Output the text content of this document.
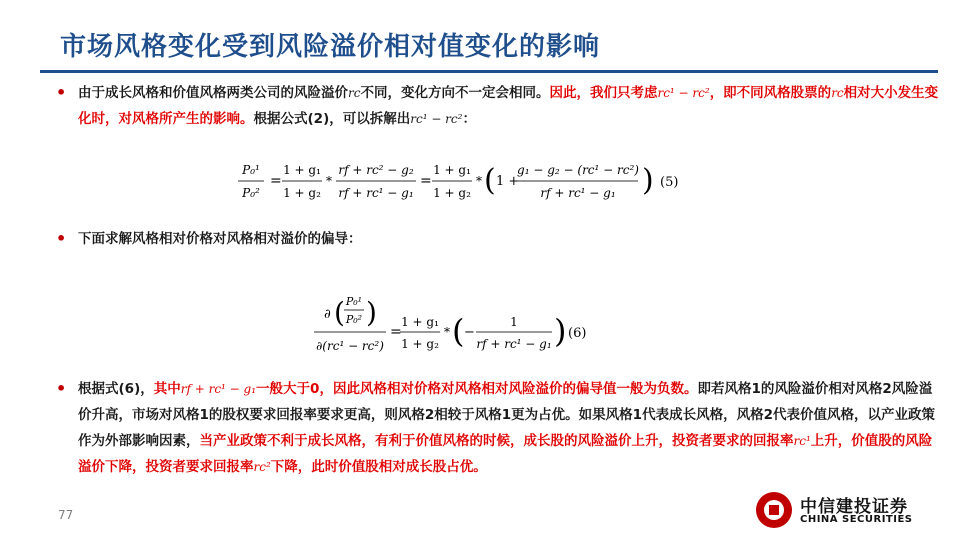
市场风格变化受到风险溢价相对值变化的影响
• 由于成长风格和价值风格两类公司的风险溢价rc不同，变化方向不一定会相同。因此，我们只考虑rc¹ − rc²，即不同风格股票的rc相对大小发生变化时，对风格所产生的影响。根据公式(2)，可以拆解出rc¹ − rc²：
P₀¹
P₀²
=
1 + g₁
1 + g₂
*
rf + rc² − g₂
rf + rc¹ − g₁
=
1 + g₁
1 + g₂
* ( 1 +
g₁ − g₂ − (rc¹ − rc²)
rf + rc¹ − g₁ ) (5)
• 下面求解风格相对价格对风格相对溢价的偏导：
∂ ( P₀¹
P₀² )
∂(rc¹ − rc²)
=
1 + g₁
1 + g₂
* ( −
1
rf + rc¹ − g₁ ) (6)
• 根据式(6)，其中rf + rc¹ − g₁一般大于0，因此风格相对价格对风格相对风险溢价的偏导值一般为负数。即若风格1的风险溢价相对风格2风险溢价升高，市场对风格1的股权要求回报率要求更高，则风格2相较于风格1更为占优。如果风格1代表成长风格，风格2代表价值风格，以产业政策作为外部影响因素，当产业政策不利于成长风格，有利于价值风格的时候，成长股的风险溢价上升，投资者要求的回报率rc¹上升，价值股的风险溢价下降，投资者要求回报率rc²下降，此时价值股相对成长股占优。
77	中信建投证券
CHINA SECURITIES
